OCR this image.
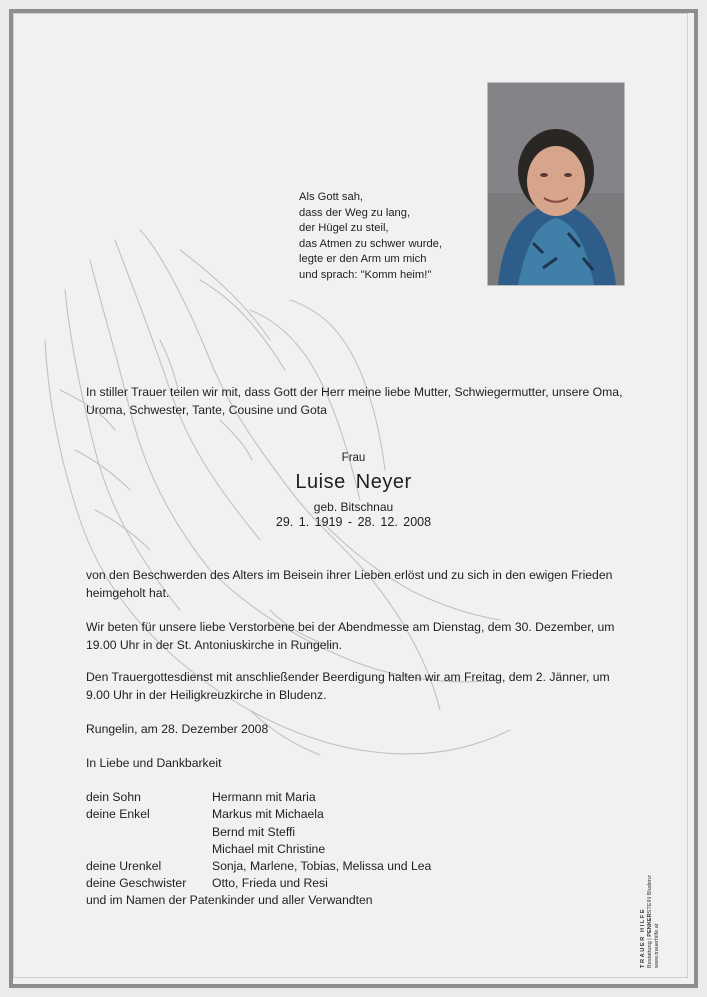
Als Gott sah,
dass der Weg zu lang,
der Hügel zu steil,
das Atmen zu schwer wurde,
legte er den Arm um mich
und sprach: "Komm heim!"
In stiller Trauer teilen wir mit, dass Gott der Herr meine liebe Mutter, Schwiegermutter, unsere Oma, Uroma, Schwester, Tante, Cousine und Gota
Frau
Luise Neyer
geb. Bitschnau
29. 1. 1919 - 28. 12. 2008
von den Beschwerden des Alters im Beisein ihrer Lieben erlöst und zu sich in den ewigen Frieden heimgeholt hat.
Wir beten für unsere liebe Verstorbene bei der Abendmesse am Dienstag, dem 30. Dezember, um 19.00 Uhr in der St. Antoniuskirche in Rungelin.
Den Trauergottesdienst mit anschließender Beerdigung halten wir am Freitag, dem 2. Jänner, um 9.00 Uhr in der Heiligkreuzkirche in Bludenz.
Rungelin, am 28. Dezember 2008
In Liebe und Dankbarkeit
dein Sohn	Hermann mit Maria
deine Enkel	Markus mit Michaela
Bernd mit Steffi
Michael mit Christine
deine Urenkel	Sonja, Marlene, Tobias, Melissa und Lea
deine Geschwister	Otto, Frieda und Resi
und im Namen der Patenkinder und aller Verwandten
TRAUER HILFE Bestattung | PENKERSTEIN Bludenz
www.trauerhilfe.at
